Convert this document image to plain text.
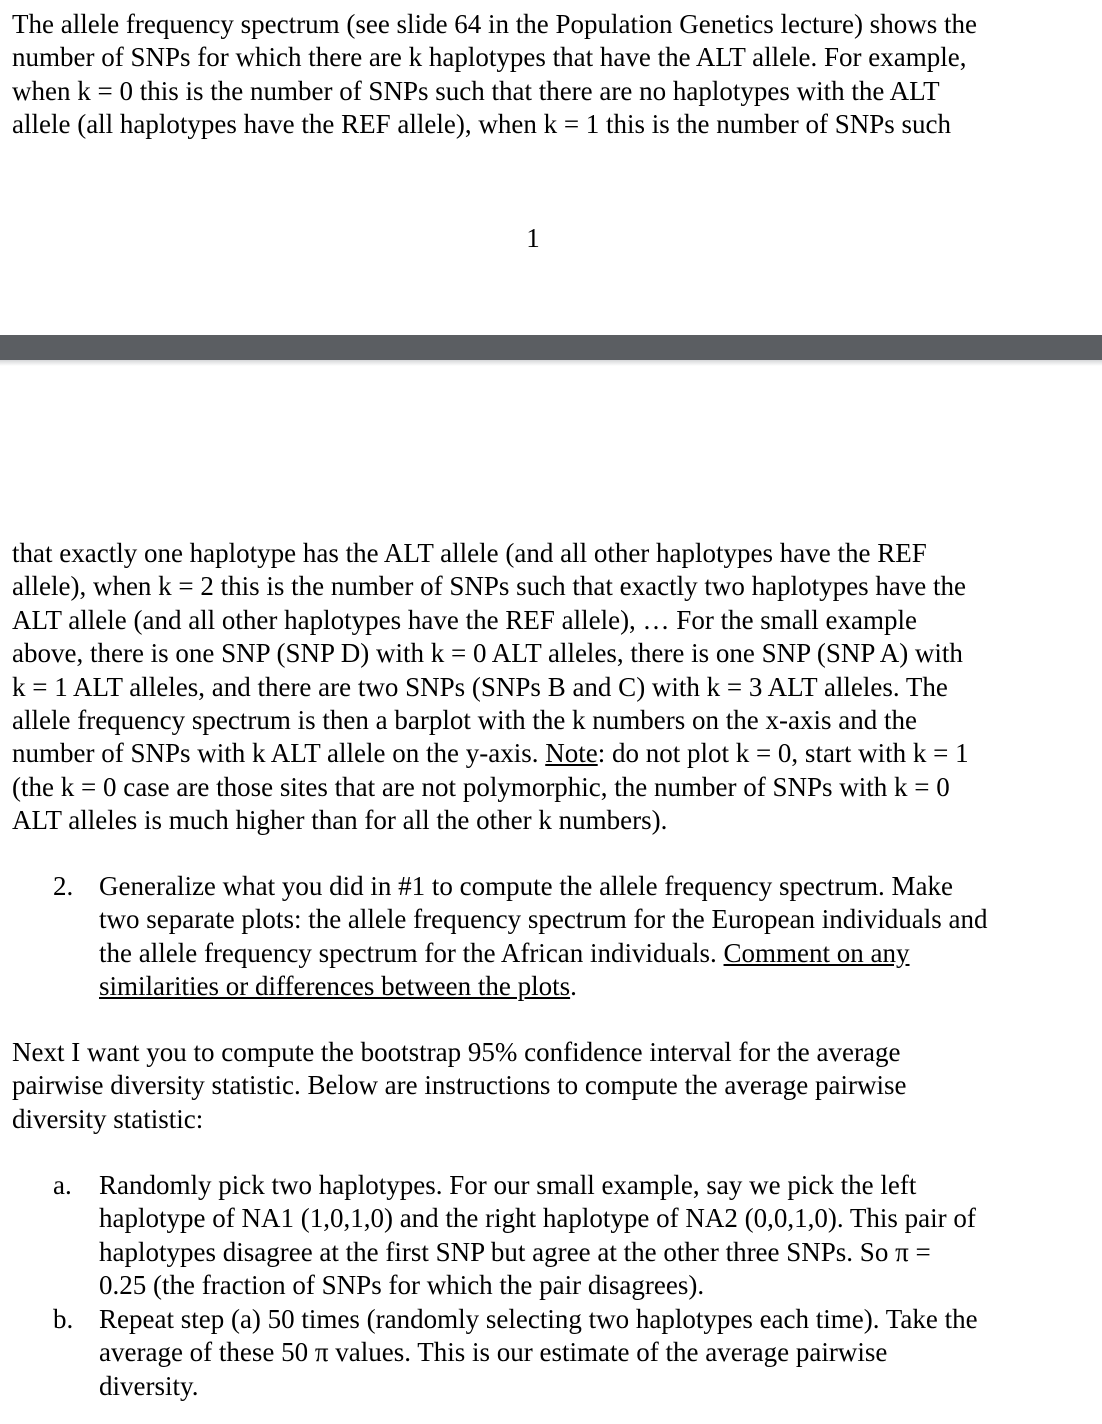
The allele frequency spectrum (see slide 64 in the Population Genetics lecture) shows the
number of SNPs for which there are k haplotypes that have the ALT allele. For example,
when k = 0 this is the number of SNPs such that there are no haplotypes with the ALT
allele (all haplotypes have the REF allele), when k = 1 this is the number of SNPs such
1
that exactly one haplotype has the ALT allele (and all other haplotypes have the REF
allele), when k = 2 this is the number of SNPs such that exactly two haplotypes have the
ALT allele (and all other haplotypes have the REF allele), … For the small example
above, there is one SNP (SNP D) with k = 0 ALT alleles, there is one SNP (SNP A) with
k = 1 ALT alleles, and there are two SNPs (SNPs B and C) with k = 3 ALT alleles. The
allele frequency spectrum is then a barplot with the k numbers on the x-axis and the
number of SNPs with k ALT allele on the y-axis. Note: do not plot k = 0, start with k = 1
(the k = 0 case are those sites that are not polymorphic, the number of SNPs with k = 0
ALT alleles is much higher than for all the other k numbers).
2. Generalize what you did in #1 to compute the allele frequency spectrum. Make
two separate plots: the allele frequency spectrum for the European individuals and
the allele frequency spectrum for the African individuals. Comment on any
similarities or differences between the plots.
Next I want you to compute the bootstrap 95% confidence interval for the average
pairwise diversity statistic. Below are instructions to compute the average pairwise
diversity statistic:
a. Randomly pick two haplotypes. For our small example, say we pick the left
haplotype of NA1 (1,0,1,0) and the right haplotype of NA2 (0,0,1,0). This pair of
haplotypes disagree at the first SNP but agree at the other three SNPs. So π =
0.25 (the fraction of SNPs for which the pair disagrees).
b. Repeat step (a) 50 times (randomly selecting two haplotypes each time). Take the
average of these 50 π values. This is our estimate of the average pairwise
diversity.
